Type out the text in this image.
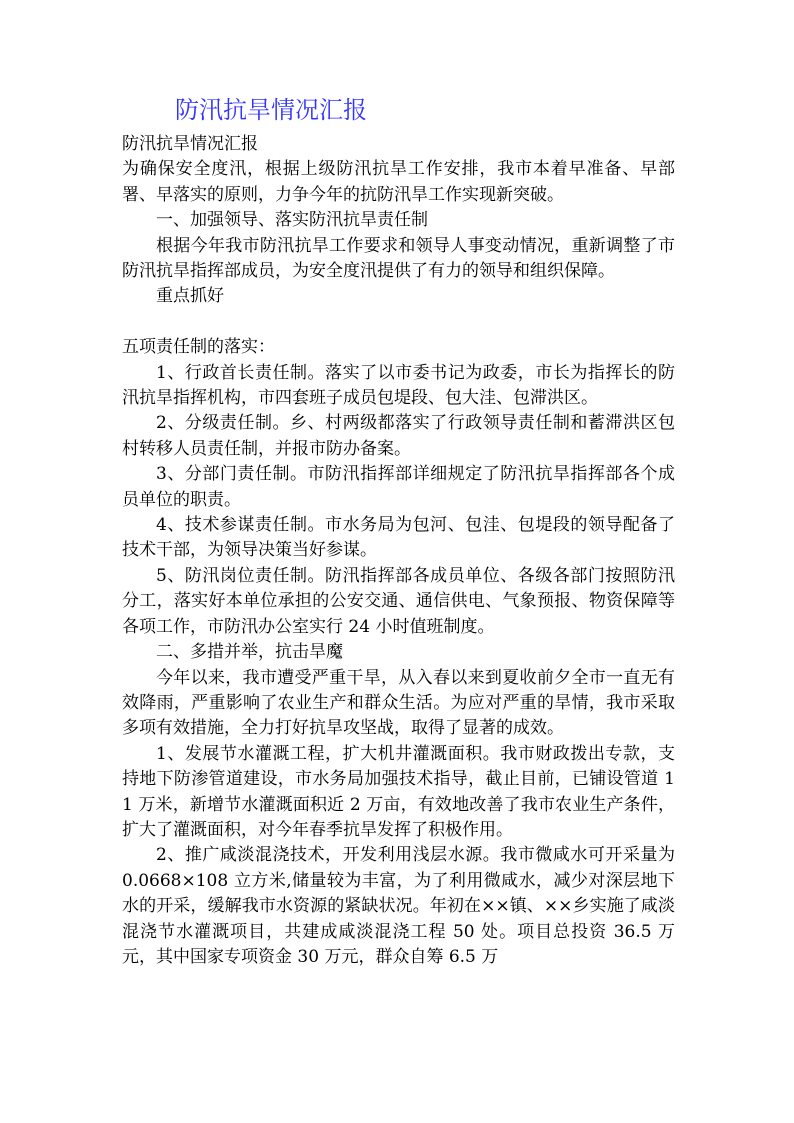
防汛抗旱情况汇报

防汛抗旱情况汇报

为确保安全度汛，根据上级防汛抗旱工作安排，我市本着早准备、早部署、早落实的原则，力争今年的抗防汛旱工作实现新突破。

一、加强领导、落实防汛抗旱责任制

根据今年我市防汛抗旱工作要求和领导人事变动情况，重新调整了市防汛抗旱指挥部成员，为安全度汛提供了有力的领导和组织保障。

重点抓好

五项责任制的落实：

1、行政首长责任制。落实了以市委书记为政委，市长为指挥长的防汛抗旱指挥机构，市四套班子成员包堤段、包大洼、包滞洪区。

2、分级责任制。乡、村两级都落实了行政领导责任制和蓄滞洪区包村转移人员责任制，并报市防办备案。

3、分部门责任制。市防汛指挥部详细规定了防汛抗旱指挥部各个成员单位的职责。

4、技术参谋责任制。市水务局为包河、包洼、包堤段的领导配备了技术干部，为领导决策当好参谋。

5、防汛岗位责任制。防汛指挥部各成员单位、各级各部门按照防汛分工，落实好本单位承担的公安交通、通信供电、气象预报、物资保障等各项工作，市防汛办公室实行 24 小时值班制度。

二、多措并举，抗击旱魔

今年以来，我市遭受严重干旱，从入春以来到夏收前夕全市一直无有效降雨，严重影响了农业生产和群众生活。为应对严重的旱情，我市采取多项有效措施，全力打好抗旱攻坚战，取得了显著的成效。

1、发展节水灌溉工程，扩大机井灌溉面积。我市财政拨出专款，支持地下防渗管道建设，市水务局加强技术指导，截止目前，已铺设管道 11 万米，新增节水灌溉面积近 2 万亩，有效地改善了我市农业生产条件，扩大了灌溉面积，对今年春季抗旱发挥了积极作用。

2、推广咸淡混浇技术，开发利用浅层水源。我市微咸水可开采量为 0.0668×108 立方米,储量较为丰富，为了利用微咸水，减少对深层地下水的开采，缓解我市水资源的紧缺状况。年初在××镇、××乡实施了咸淡混浇节水灌溉项目，共建成咸淡混浇工程 50 处。项目总投资 36.5 万元，其中国家专项资金 30 万元，群众自筹 6.5 万
